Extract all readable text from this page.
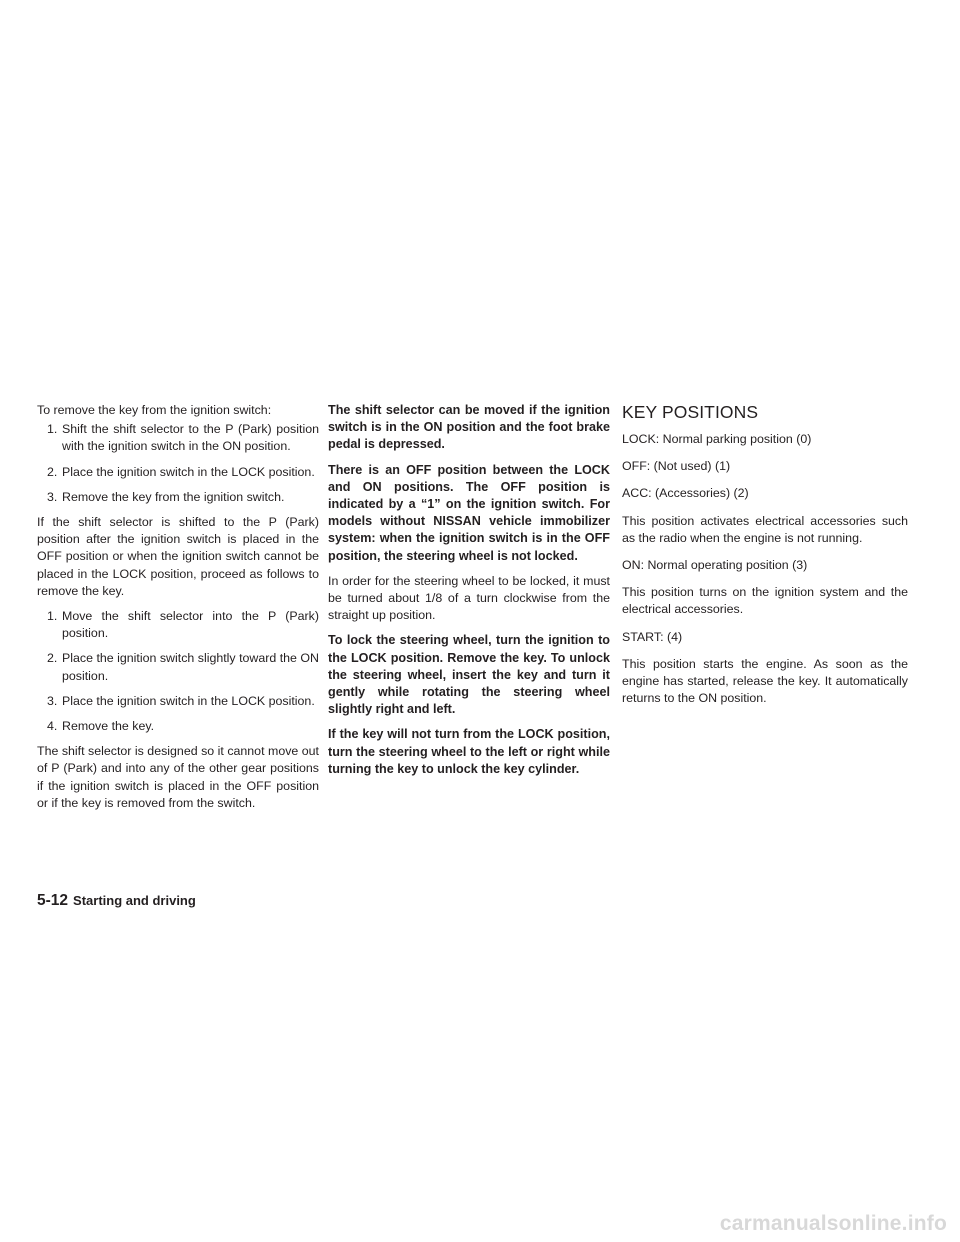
To remove the key from the ignition switch:

1. Shift the shift selector to the P (Park) position with the ignition switch in the ON position.
2. Place the ignition switch in the LOCK position.
3. Remove the key from the ignition switch.

If the shift selector is shifted to the P (Park) position after the ignition switch is placed in the OFF position or when the ignition switch cannot be placed in the LOCK position, proceed as follows to remove the key.

1. Move the shift selector into the P (Park) position.
2. Place the ignition switch slightly toward the ON position.
3. Place the ignition switch in the LOCK position.
4. Remove the key.

The shift selector is designed so it cannot move out of P (Park) and into any of the other gear positions if the ignition switch is placed in the OFF position or if the key is removed from the switch.

The shift selector can be moved if the ignition switch is in the ON position and the foot brake pedal is depressed.

There is an OFF position between the LOCK and ON positions. The OFF position is indicated by a “1” on the ignition switch. For models without NISSAN vehicle immobilizer system: when the ignition switch is in the OFF position, the steering wheel is not locked.

In order for the steering wheel to be locked, it must be turned about 1/8 of a turn clockwise from the straight up position.

To lock the steering wheel, turn the ignition to the LOCK position. Remove the key. To unlock the steering wheel, insert the key and turn it gently while rotating the steering wheel slightly right and left.

If the key will not turn from the LOCK position, turn the steering wheel to the left or right while turning the key to unlock the key cylinder.

KEY POSITIONS

LOCK: Normal parking position (0)

OFF: (Not used) (1)

ACC: (Accessories) (2)

This position activates electrical accessories such as the radio when the engine is not running.

ON: Normal operating position (3)

This position turns on the ignition system and the electrical accessories.

START: (4)

This position starts the engine. As soon as the engine has started, release the key. It automatically returns to the ON position.

5-12 Starting and driving
carmanualsonline.info
